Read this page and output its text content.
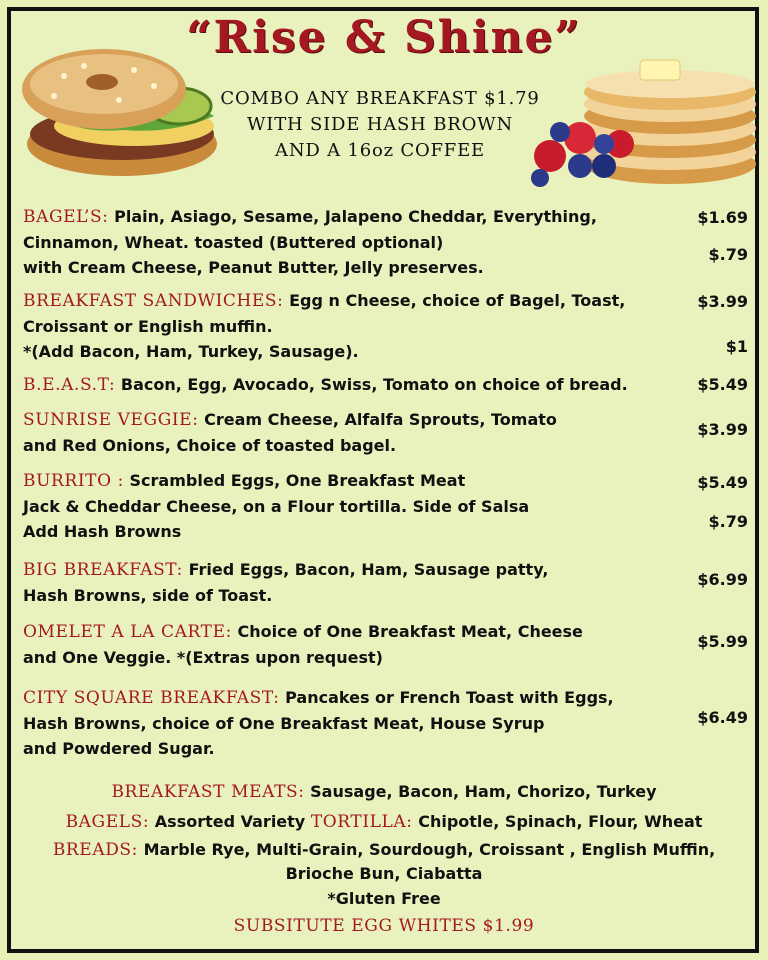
“Rise & Shine”
COMBO ANY BREAKFAST $1.79
WITH SIDE HASH BROWN
AND A 16oz COFFEE
BAGEL’S: Plain, Asiago, Sesame, Jalapeno Cheddar, Everything,
Cinnamon, Wheat. toasted (Buttered optional)
with Cream Cheese, Peanut Butter, Jelly preserves.
$1.69
$.79
BREAKFAST SANDWICHES: Egg n Cheese, choice of Bagel, Toast,
Croissant or English muffin.
*(Add Bacon, Ham, Turkey, Sausage).
$3.99
$1
B.E.A.S.T: Bacon, Egg, Avocado, Swiss, Tomato on choice of bread.	$5.49
SUNRISE VEGGIE: Cream Cheese, Alfalfa Sprouts, Tomato
and Red Onions, Choice of toasted bagel.
$3.99
BURRITO : Scrambled Eggs, One Breakfast Meat
Jack & Cheddar Cheese, on a Flour tortilla. Side of Salsa
Add Hash Browns
$5.49
$.79
BIG BREAKFAST: Fried Eggs, Bacon, Ham, Sausage patty,
Hash Browns, side of Toast.
$6.99
OMELET A LA CARTE: Choice of One Breakfast Meat, Cheese
and One Veggie. *(Extras upon request)
$5.99
CITY SQUARE BREAKFAST: Pancakes or French Toast with Eggs,
Hash Browns, choice of One Breakfast Meat, House Syrup
and Powdered Sugar.
$6.49
BREAKFAST MEATS: Sausage, Bacon, Ham, Chorizo, Turkey
BAGELS: Assorted Variety TORTILLA: Chipotle, Spinach, Flour, Wheat
BREADS: Marble Rye, Multi-Grain, Sourdough, Croissant , English Muffin,
Brioche Bun, Ciabatta
*Gluten Free
SUBSITUTE EGG WHITES $1.99
